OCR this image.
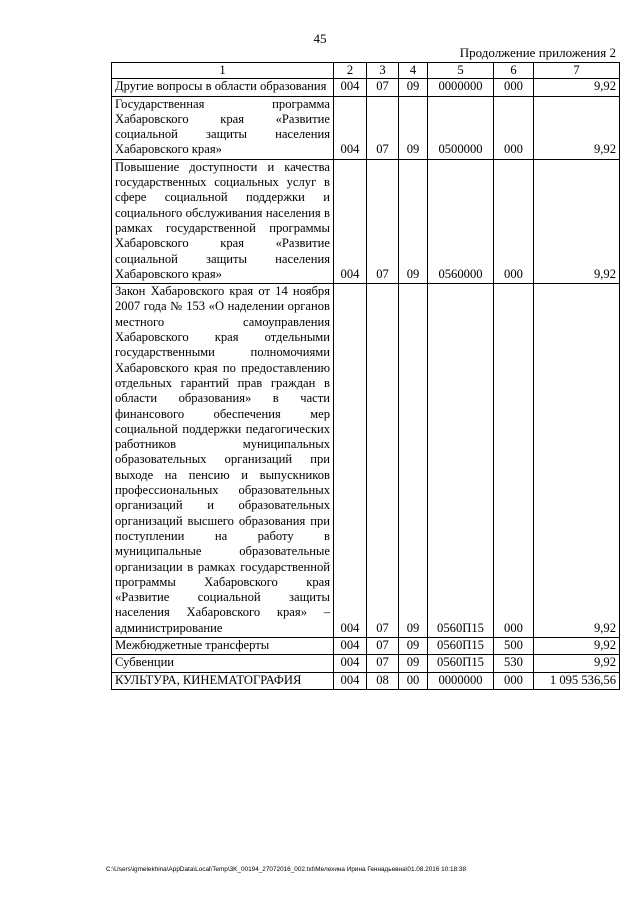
45
Продолжение приложения 2
1	2	3	4	5	6	7
Другие вопросы в области образования	004	07	09	0000000	000	9,92
Государственная программа Хабаровского края «Развитие социальной защиты населения Хабаровского края»	004	07	09	0500000	000	9,92
Повышение доступности и качества государственных социальных услуг в сфере социальной поддержки и социального обслуживания населения в рамках государственной программы Хабаровского края «Развитие социальной защиты населения Хабаровского края»	004	07	09	0560000	000	9,92
Закон Хабаровского края от 14 ноября 2007 года № 153 «О наделении органов местного самоуправления Хабаровского края отдельными государственными полномочиями Хабаровского края по предоставлению отдельных гарантий прав граждан в области образования» в части финансового обеспечения мер социальной поддержки педагогических работников муниципальных образовательных организаций при выходе на пенсию и выпускников профессиональных образовательных организаций и образовательных организаций высшего образования при поступлении на работу в муниципальные образовательные организации в рамках государственной программы Хабаровского края «Развитие социальной защиты населения Хабаровского края» – администрирование	004	07	09	0560П15	000	9,92
Межбюджетные трансферты	004	07	09	0560П15	500	9,92
Субвенции	004	07	09	0560П15	530	9,92
КУЛЬТУРА, КИНЕМАТОГРАФИЯ	004	08	00	0000000	000	1 095 536,56
C:\Users\igmelekhina\AppData\Local\Temp\3K_00194_27072016_002.txt\Мелехина Ирина Геннадьевна\01.08.2016 10:18:38
